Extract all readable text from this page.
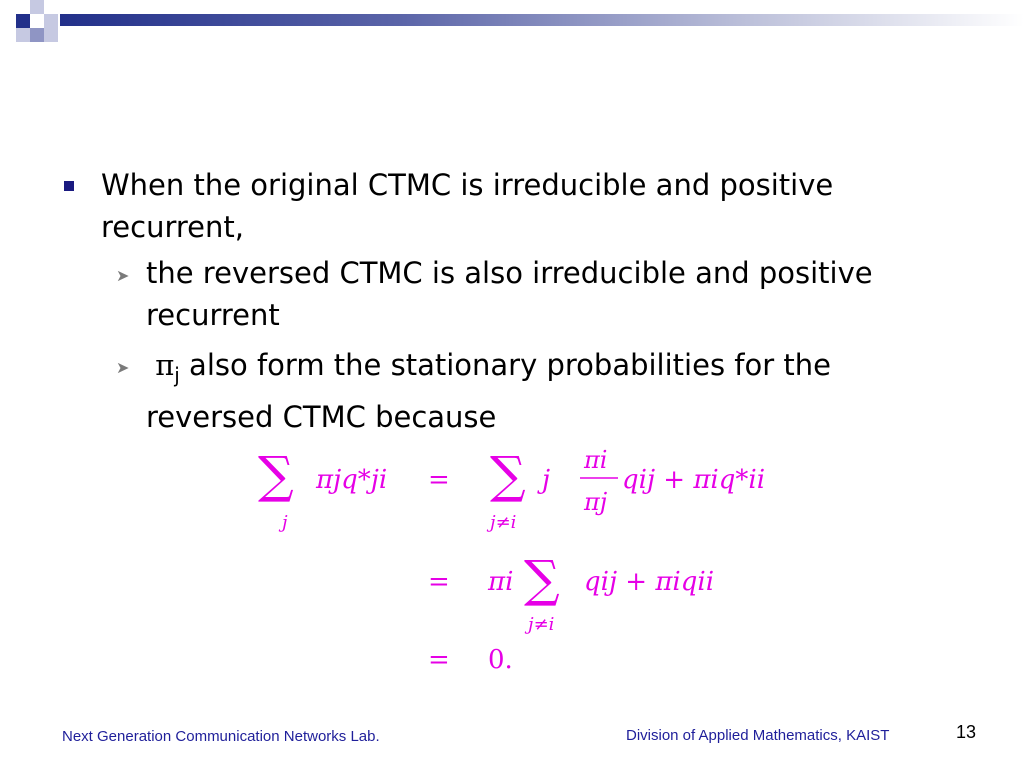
When the original CTMC is irreducible and positive recurrent,
➤ the reversed CTMC is also irreducible and positive recurrent
➤ $\pi_j$ also form the stationary probabilities for the reversed CTMC because
∑
j
πjq*ji = ∑
j≠i
j
πi
πj
qij + πiq*ii
= πi ∑
j≠i
qij + πiqii
= 0.
Next Generation Communication Networks Lab.	Division of Applied Mathematics, KAIST	13
